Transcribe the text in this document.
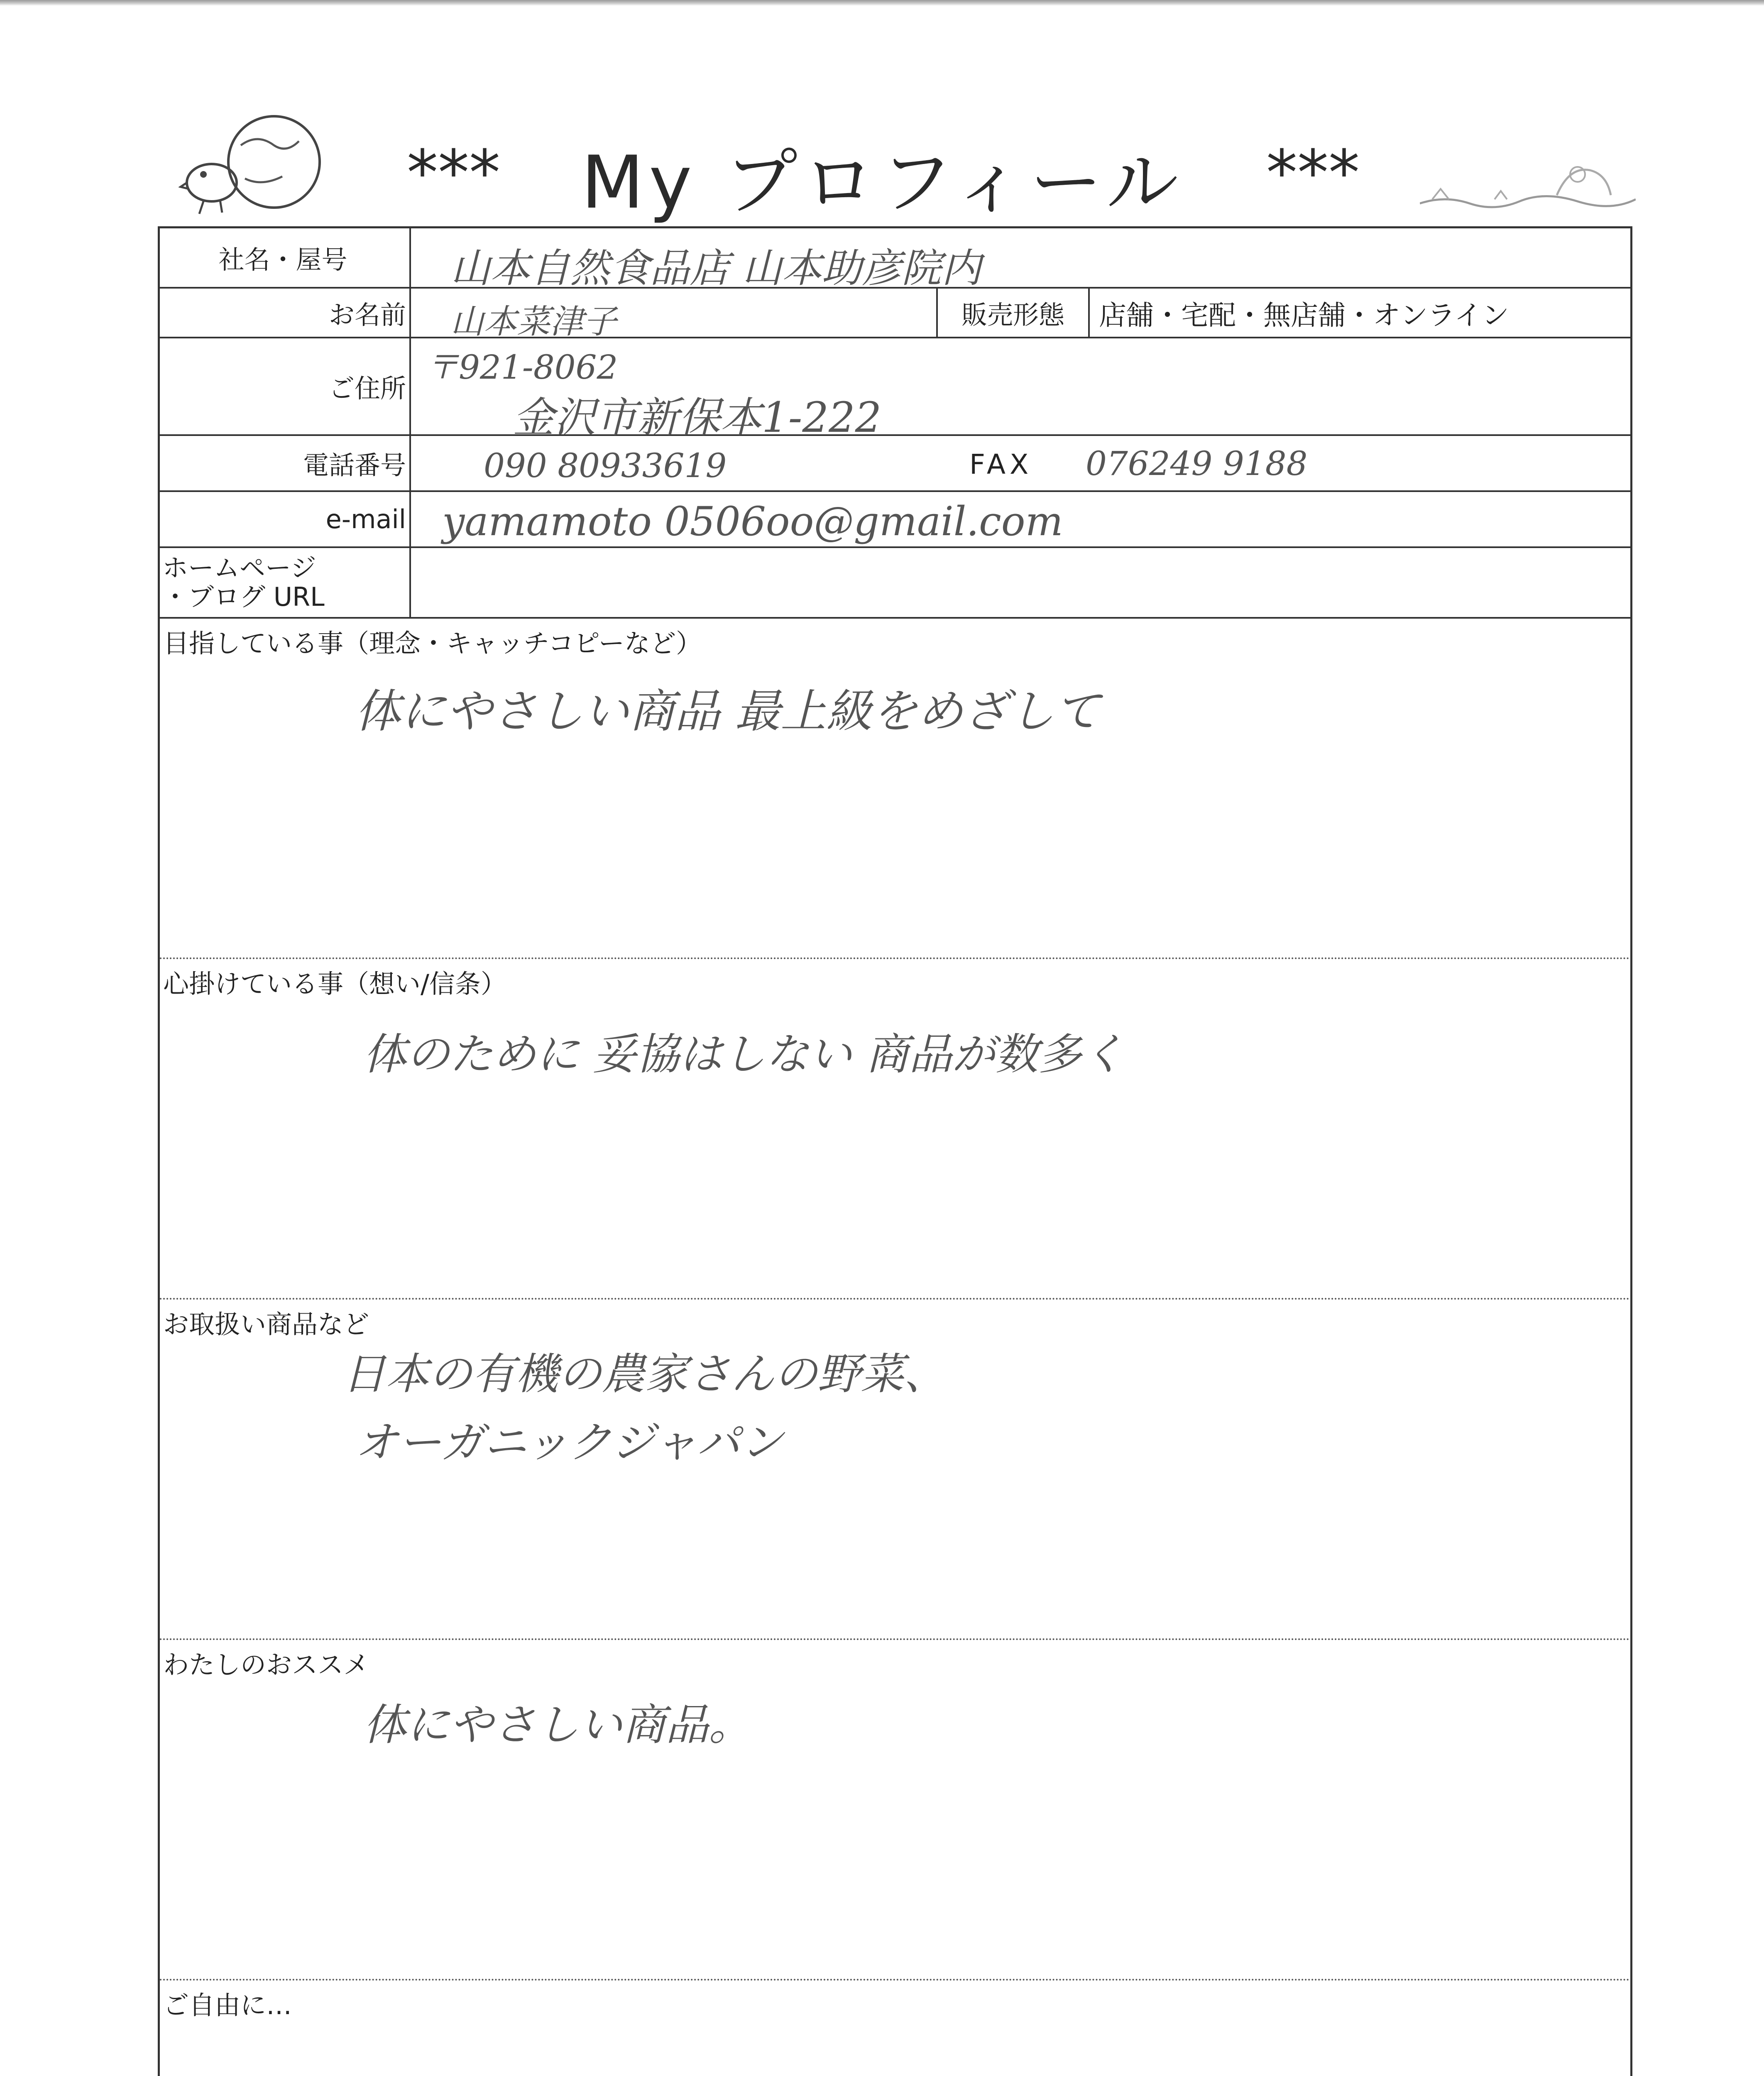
*** My プロフィール ***
社名・屋号	山本自然食品店 山本助彦院内
お名前 山本菜津子	販売形態	店舗・宅配・無店舗・オンライン
ご住所
〒921-8062
金沢市新保本1-222
電話番号 090 80933619	FAX 076249 9188
e-mail yamamoto 0506oo@gmail.com
ホームページ
・ブログ URL
目指している事（理念・キャッチコピーなど）
体にやさしい商品 最上級をめざして
心掛けている事（想い/信条）
体のために 妥協はしない 商品が数多く
お取扱い商品など
日本の有機の農家さんの野菜、
オーガニックジャパン
わたしのおススメ
体にやさしい商品。
ご自由に…
